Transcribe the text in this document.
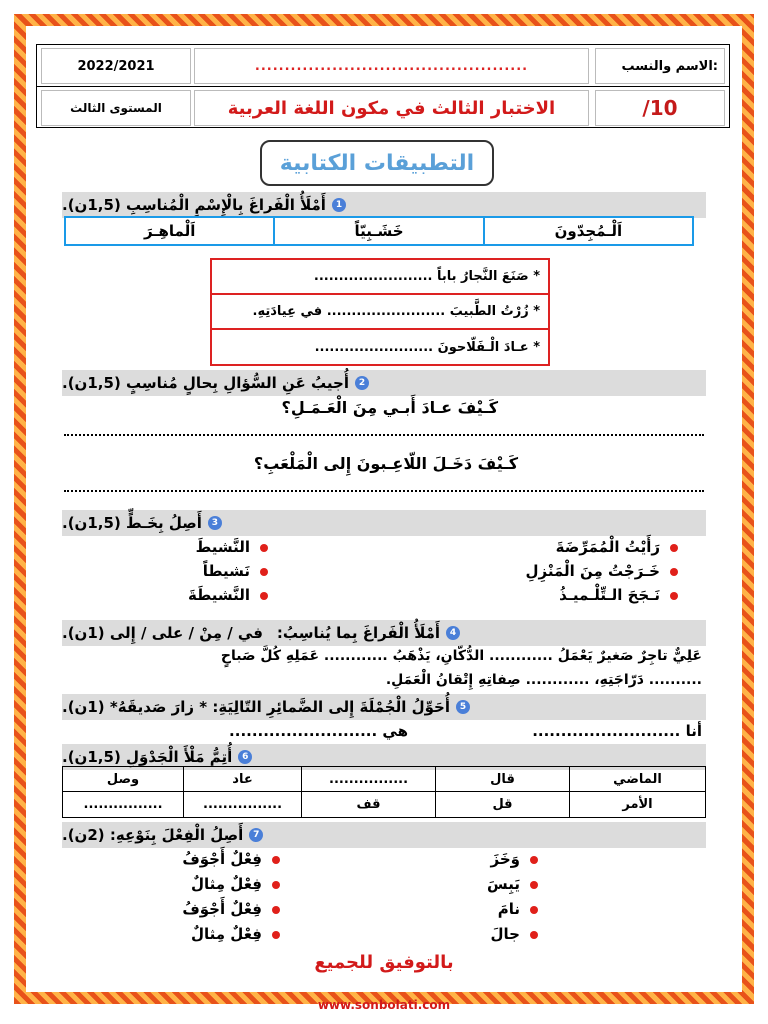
الاسم والنسب:
..............................................
2022/2021
/10
الاختبار الثالث في مكون اللغة العربية
المستوى الثالث
التطبيقات الكتابية
1
أَمْلَأُ الْفَراغَ بِالْإِسْمِ الْمُناسِبِ (1,5ن).
اَلْـمُجِدّونَ
خَشَـبِيّاً
اَلْماهِـرَ
* صَنَعَ النَّجارُ باباً ........................
* زُرْتُ الطَّبيبَ ........................ في عِيادَتِهِ.
* عـادَ الْـفَلّاحونَ ........................
2
أُجيبُ عَنِ السُّؤالِ بِحالٍ مُناسِبٍ (1,5ن).
كَـيْفَ عـادَ أَبـي مِنَ الْعَـمَـلِ؟
كَـيْفَ دَخَـلَ اللّاعِـبونَ إِلى الْمَلْعَبِ؟
3
أَصِلُ بِخَـطٍّ (1,5ن).
رَأَيْتُ الْمُمَرِّضَةَ
خَـرَجْتُ مِنَ الْمَنْزِلِ
نَـجَحَ الـتِّلْـميـذُ
النَّشيطَ
نَشيطاً
النَّشيطَةَ
4
أَمْلَأُ الْفَراغَ بِما يُناسِبُ:
في / مِنْ / على / إِلى (1ن).
عَلِيٌّ تاجِرٌ صَغيرٌ يَعْمَلُ ............ الدُّكّانِ، يَذْهَبُ ............ عَمَلِهِ كُلَّ صَباحٍ
.......... دَرّاجَتِهِ، ............ صِفاتِهِ إِتْقانُ الْعَمَلِ.
5
أُحَوِّلُ الْجُمْلَةَ إِلى الضَّمائِرِ التّالِيَةِ: * زارَ صَديقَهُ* (1ن).
أنا ..........................
هي ..........................
6
أُتِمُّ مَلْأَ الْجَدْوَلِ (1,5ن).
الماضي
قال
................
عاد
وصل
الأمر
قل
قف
................
................
7
أَصِلُ الْفِعْلَ بِنَوْعِهِ: (2ن).
وَخَزَ
يَبِسَ
نامَ
جالَ
فِعْلٌ أَجْوَفُ
فِعْلٌ مِثالٌ
فِعْلٌ أَجْوَفُ
فِعْلٌ مِثالٌ
بالتوفيق للجميع
www.sonbolati.com
